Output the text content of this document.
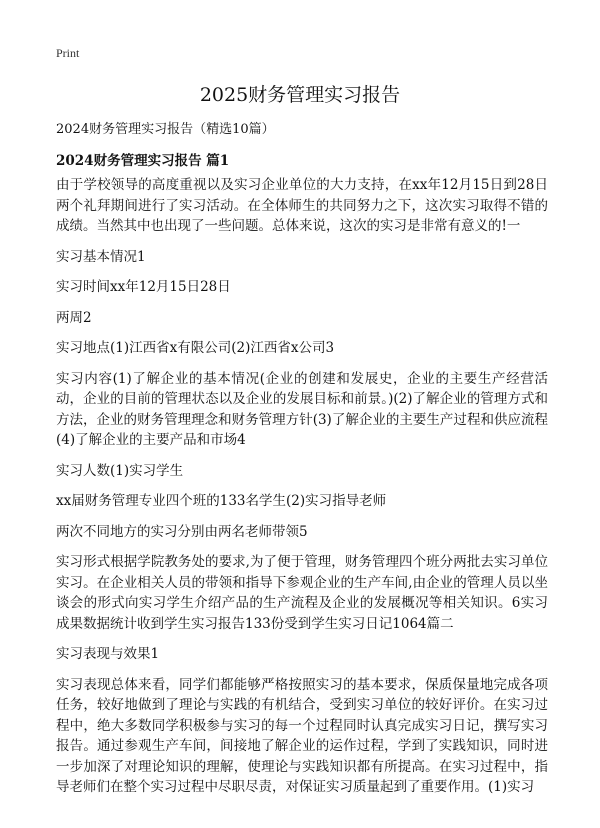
Print
2025财务管理实习报告

2024财务管理实习报告（精选10篇）

2024财务管理实习报告 篇1

由于学校领导的高度重视以及实习企业单位的大力支持，在xx年12月15日到28日两个礼拜期间进行了实习活动。在全体师生的共同努力之下，这次实习取得不错的成绩。当然其中也出现了一些问题。总体来说，这次的实习是非常有意义的!一

实习基本情况1

实习时间xx年12月15日28日

两周2

实习地点(1)江西省x有限公司(2)江西省x公司3

实习内容(1)了解企业的基本情况(企业的创建和发展史，企业的主要生产经营活动，企业的目前的管理状态以及企业的发展目标和前景。)(2)了解企业的管理方式和方法，企业的财务管理理念和财务管理方针(3)了解企业的主要生产过程和供应流程(4)了解企业的主要产品和市场4

实习人数(1)实习学生

xx届财务管理专业四个班的133名学生(2)实习指导老师

两次不同地方的实习分别由两名老师带领5

实习形式根据学院教务处的要求,为了便于管理，财务管理四个班分两批去实习单位实习。在企业相关人员的带领和指导下参观企业的生产车间,由企业的管理人员以坐谈会的形式向实习学生介绍产品的生产流程及企业的发展概况等相关知识。6实习成果数据统计收到学生实习报告133份受到学生实习日记1064篇二

实习表现与效果1

实习表现总体来看，同学们都能够严格按照实习的基本要求，保质保量地完成各项任务，较好地做到了理论与实践的有机结合，受到实习单位的较好评价。在实习过程中，绝大多数同学积极参与实习的每一个过程同时认真完成实习日记，撰写实习报告。通过参观生产车间，间接地了解企业的运作过程，学到了实践知识，同时进一步加深了对理论知识的理解，使理论与实践知识都有所提高。在实习过程中，指导老师们在整个实习过程中尽职尽责，对保证实习质量起到了重要作用。(1)实习
